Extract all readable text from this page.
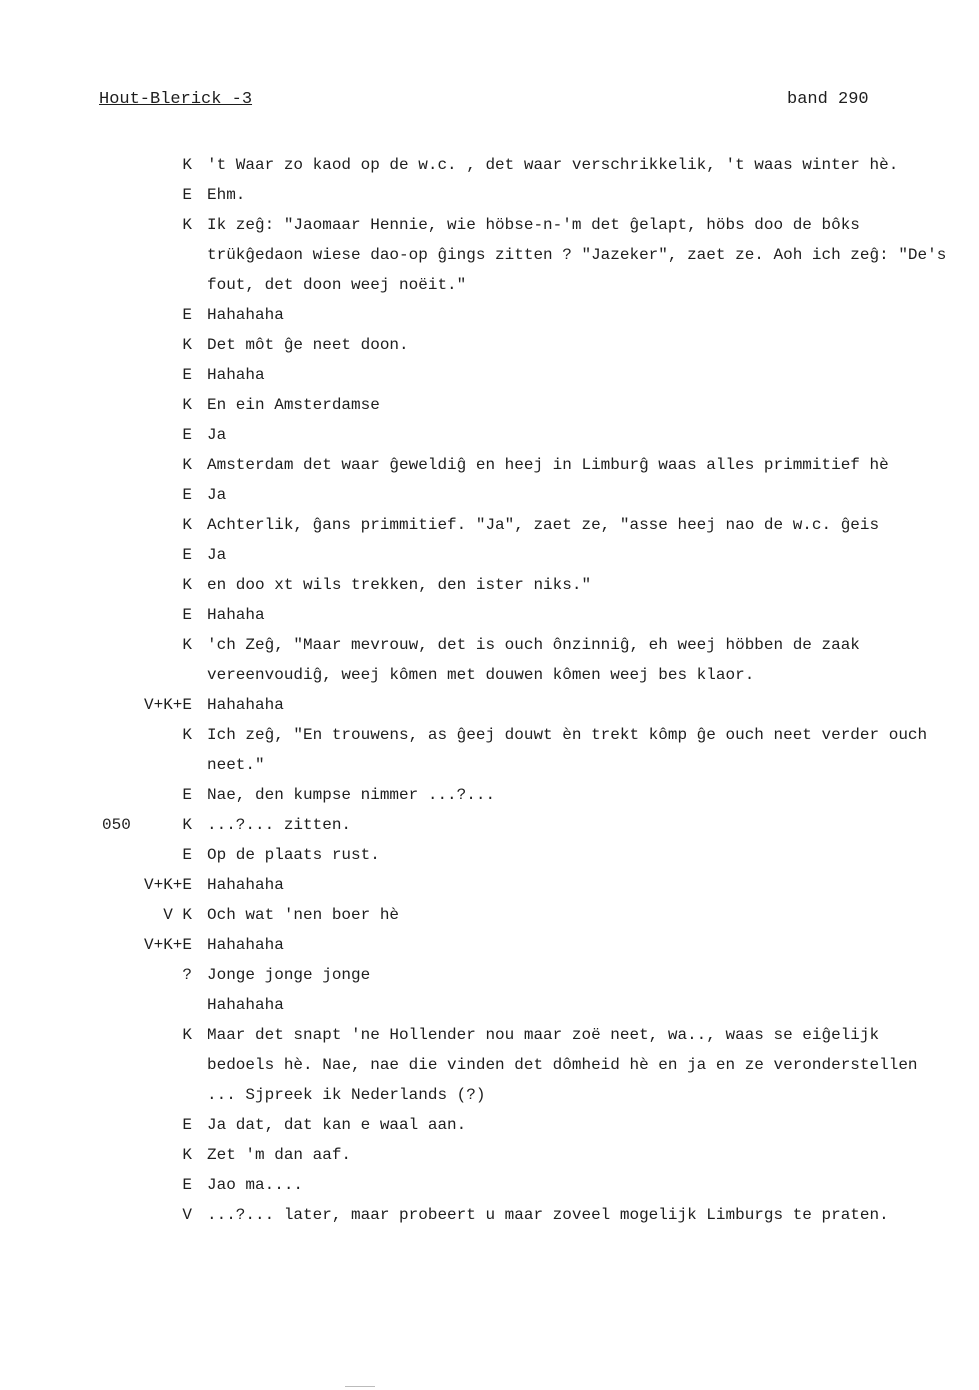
Hout-Blerick -3	band 290
K 't Waar zo kaod op de w.c. , det waar verschrikkelik, 't waas winter hè.
E Ehm.
K Ik zeĝ: "Jaomaar Hennie, wie höbse-n-'m det ĝelapt, höbs doo de bôks trükĝedaon wiese dao-op ĝings zitten ? "Jazeker", zaet ze. Aoh ich zeĝ: "De's fout, det doon weej noëit."
E Hahahaha
K Det môt ĝe neet doon.
E Hahaha
K En ein Amsterdamse
E Ja
K Amsterdam det waar ĝeweldiĝ en heej in Limburĝ waas alles primmitief hè
E Ja
K Achterlik, ĝans primmitief. "Ja", zaet ze, "asse heej nao de w.c. ĝeis
E Ja
K en doo xt wils trekken, den ister niks."
E Hahaha
K 'ch Zeĝ, "Maar mevrouw, det is ouch ônzinniĝ, eh weej höbben de zaak vereenvoudiĝ, weej kômen met douwen kômen weej bes klaor.
V+K+E Hahahaha
K Ich zeĝ, "En trouwens, as ĝeej douwt èn trekt kômp ĝe ouch neet verder ouch neet."
E Nae, den kumpse nimmer ...?...
050	K ...?... zitten.
E Op de plaats rust.
V+K+E Hahahaha
V K Och wat 'nen boer hè
V+K+E Hahahaha
? Jonge jonge jonge
Hahahaha
K Maar det snapt 'ne Hollender nou maar zoë neet, wa.., waas se eiĝelijk bedoels hè. Nae, nae die vinden det dômheid hè en ja en ze veronderstellen ... Sjpreek ik Nederlands (?)
E Ja dat, dat kan e waal aan.
K Zet 'm dan aaf.
E Jao ma....
V ...?... later, maar probeert u maar zoveel mogelijk Limburgs te praten.
